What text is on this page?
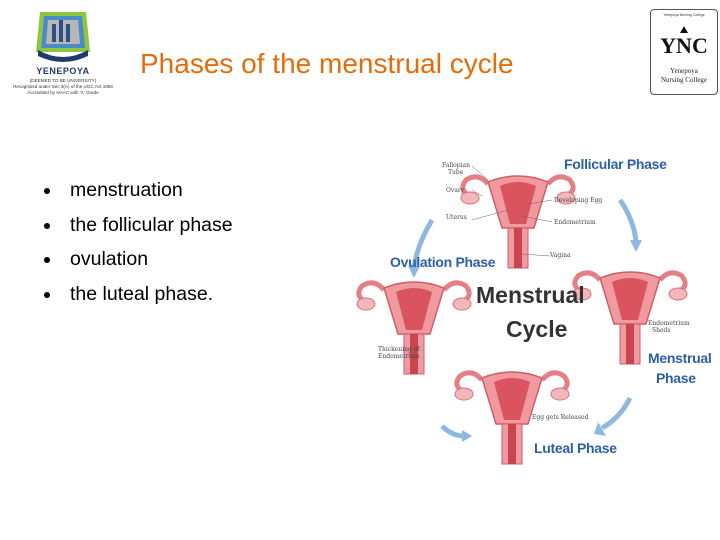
YENEPOYA
(DEEMED TO BE UNIVERSITY)
Recognised under Sec 3(A) of the UGC Act 1956
Accredited by NAAC with 'A' Grade
Phases of the menstrual cycle
Yenepoya Nursing College
YNC
Yenepoya
Nursing College
menstruation
the follicular phase
ovulation
the luteal phase.	Menstrual
Cycle
Follicular Phase
Ovulation Phase
Menstrual
Phase
Luteal Phase
Fallopian
Tube
Ovary
Uterus
Developing Egg
Endometrium
Vagina
Thickening of
Endometrium
Endometrium
Sheds
Egg gets Released
